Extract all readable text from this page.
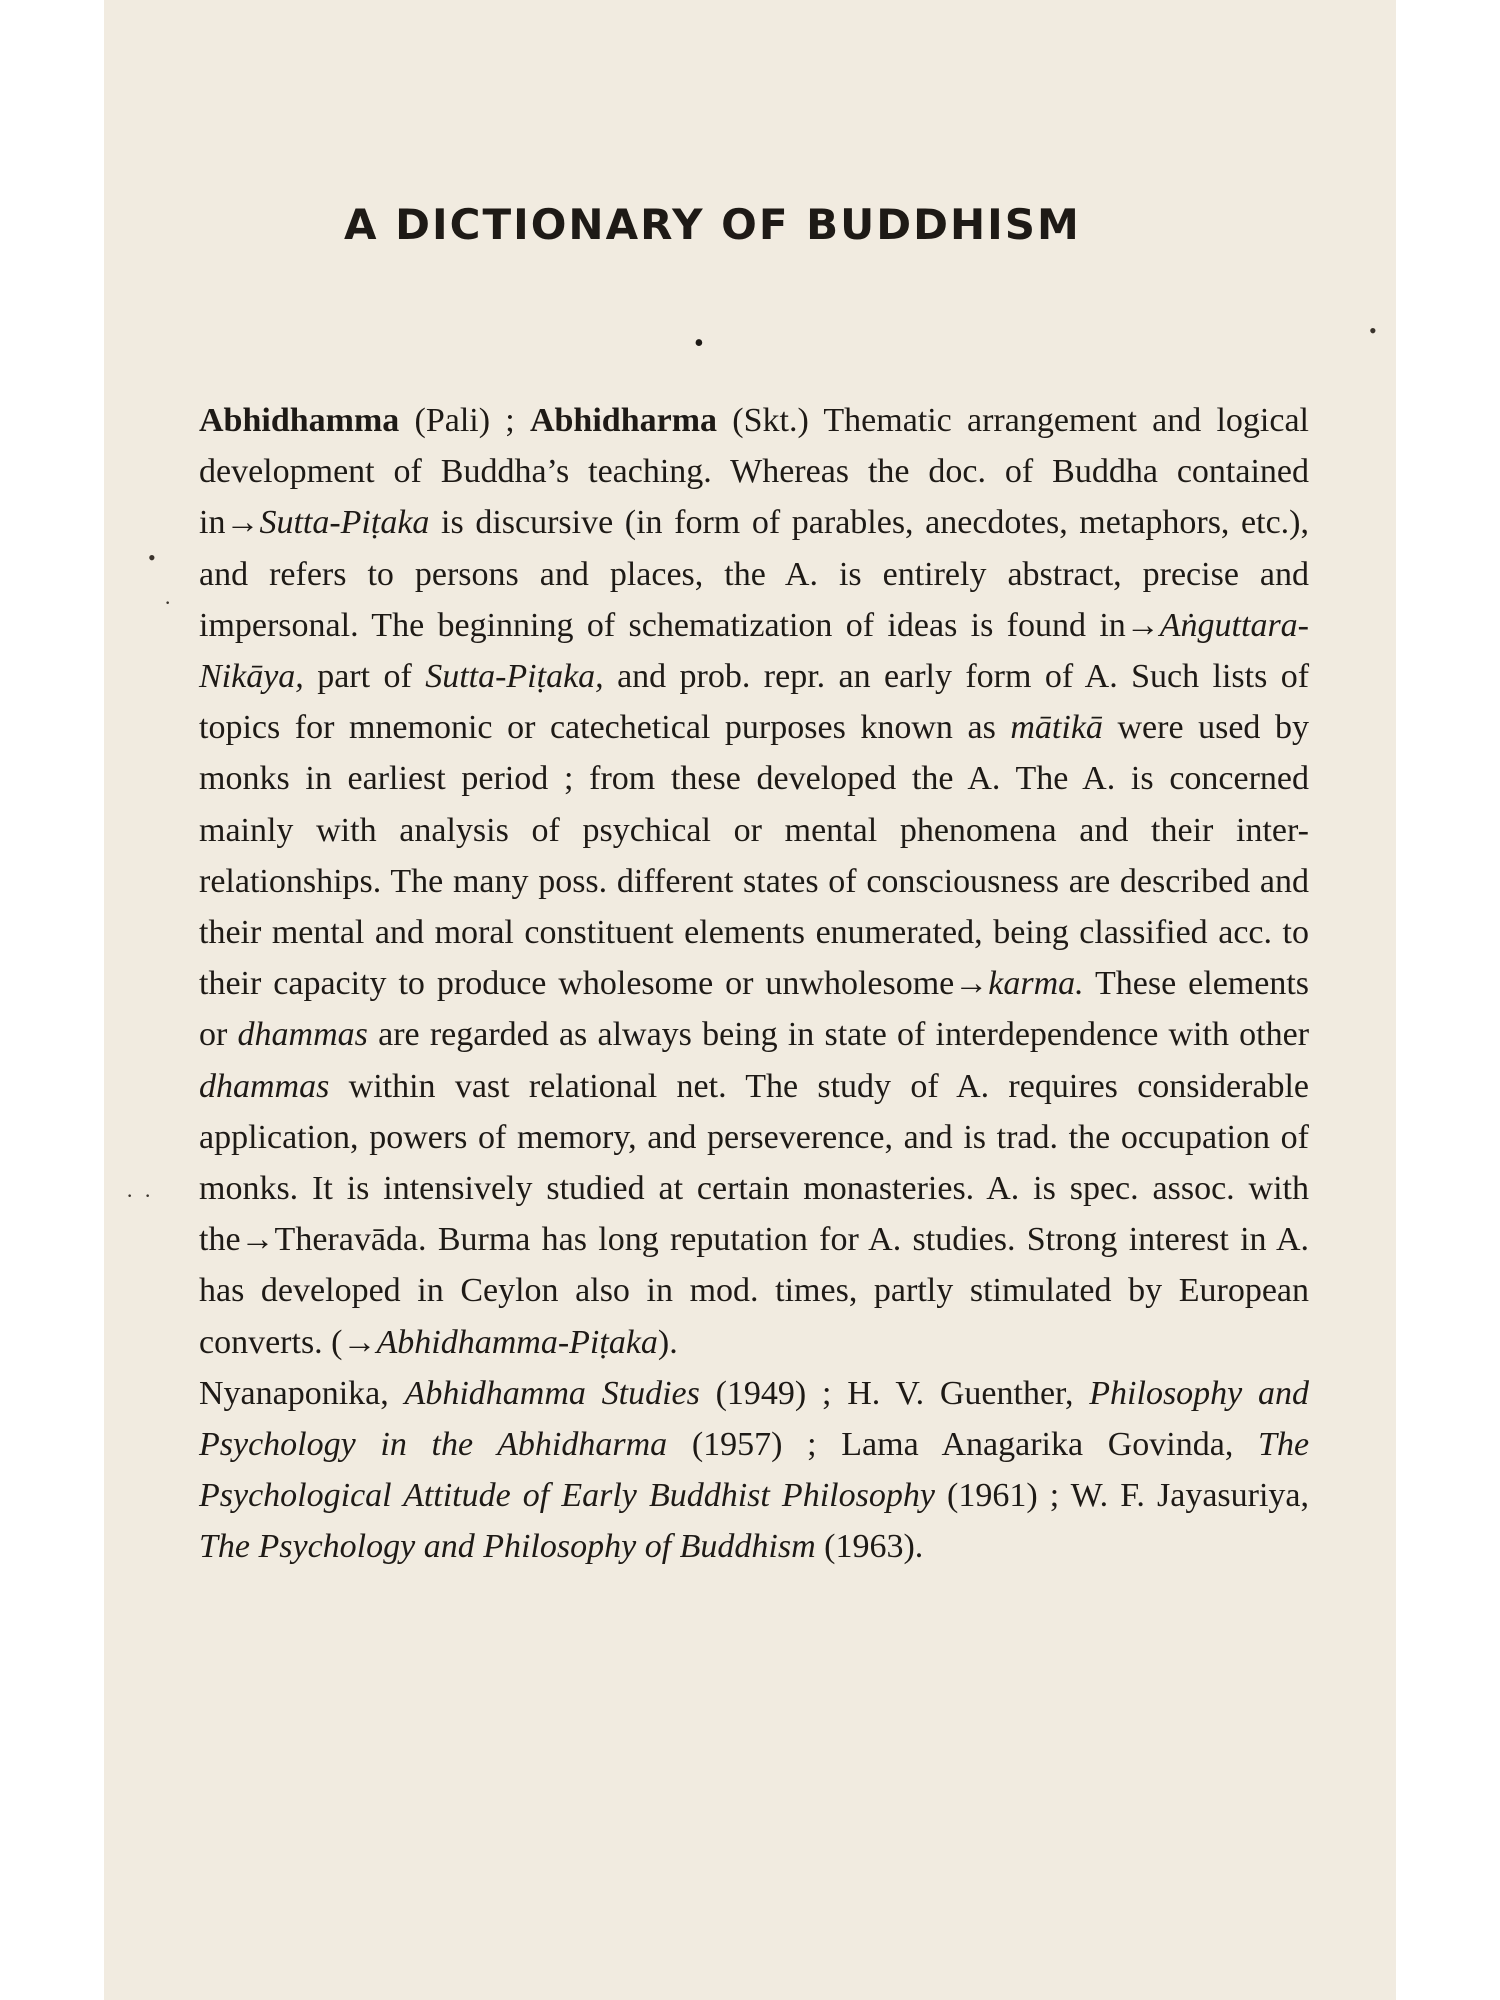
A DICTIONARY OF BUDDHISM
•

Abhidhamma (Pali) ; Abhidharma (Skt.) Thematic arrangement and logical development of Buddha’s teaching. Whereas the doc. of Buddha contained in→Sutta-Piṭaka is discursive (in form of parables, anecdotes, metaphors, etc.), and refers to persons and places, the A. is entirely abstract, precise and impersonal. The beginning of schematization of ideas is found in→Aṅguttara-Nikāya, part of Sutta-Piṭaka, and prob. repr. an early form of A. Such lists of topics for mnemonic or catechetical purposes known as mātikā were used by monks in earliest period ; from these developed the A. The A. is concerned mainly with analysis of psychical or mental phenomena and their inter-relationships. The many poss. different states of consciousness are described and their mental and moral constituent elements enumerated, being classified acc. to their capacity to produce wholesome or unwholesome→karma. These elements or dhammas are regarded as always being in state of interdependence with other dhammas within vast relational net. The study of A. requires considerable application, powers of memory, and perseverence, and is trad. the occupation of monks. It is intensively studied at certain monasteries. A. is spec. assoc. with the→Theravāda. Burma has long reputation for A. studies. Strong interest in A. has developed in Ceylon also in mod. times, partly stimulated by European converts. (→Abhidhamma-Piṭaka).

Nyanaponika, Abhidhamma Studies (1949) ; H. V. Guenther, Philosophy and Psychology in the Abhidharma (1957) ; Lama Anagarika Govinda, The Psychological Attitude of Early Buddhist Philosophy (1961) ; W. F. Jayasuriya, The Psychology and Philosophy of Buddhism (1963).

•
·
· ·
•
